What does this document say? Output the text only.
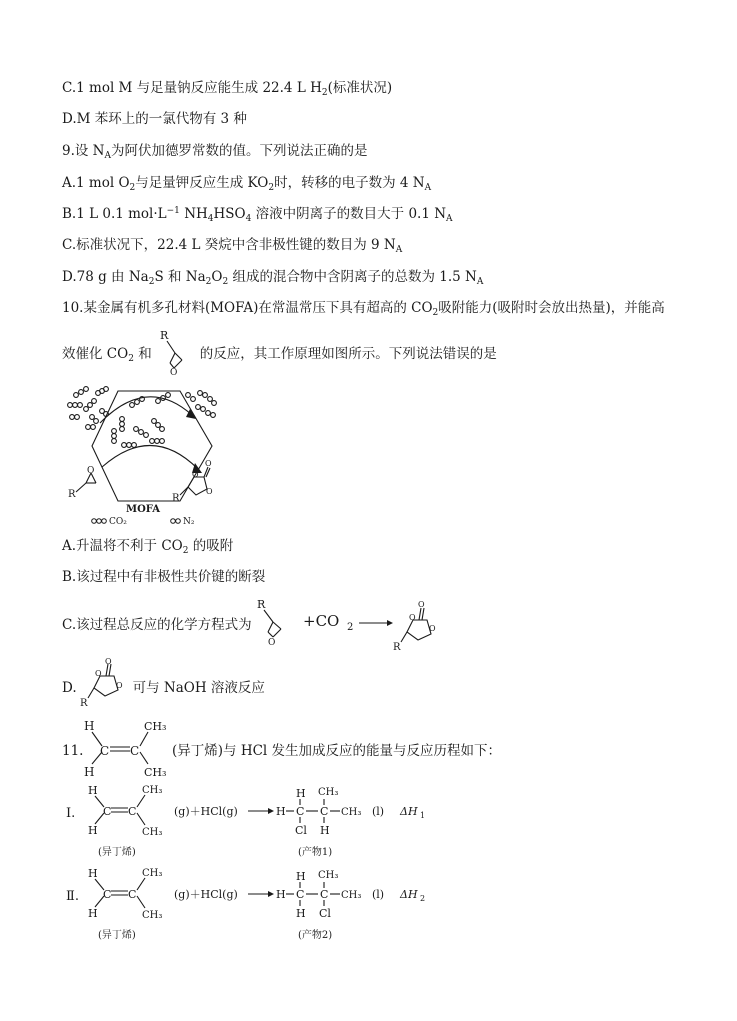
C.1 mol M 与足量钠反应能生成 22.4 L $H_2$(标准状况)
D.M 苯环上的一氯代物有 3 种
9.设 $N_A$为阿伏加德罗常数的值。下列说法正确的是
A.1 mol $O_2$与足量钾反应生成 $KO_2$时，转移的电子数为 4 $N_A$
B.1 L 0.1 $mol\cdot L^{-1}$ $NH_4HSO_4$ 溶液中阴离子的数目大于 0.1 $N_A$
C.标准状况下，22.4 L 癸烷中含非极性键的数目为 9 $N_A$
D.78 g 由 $Na_2S$ 和 $Na_2O_2$ 组成的混合物中含阴离子的总数为 1.5 $N_A$
10.某金属有机多孔材料(MOFA)在常温常压下具有超高的 $CO_2$吸附能力(吸附时会放出热量)，并能高
效催化 $CO_2$ 和	的反应，其工作原理如图所示。下列说法错误的是
R
O
R
O
R
O
O
O
MOFA
CO₂	N₂
A.升温将不利于 $CO_2$ 的吸附
B.该过程中有非极性共价键的断裂
C.该过程总反应的化学方程式为
R
O
+CO 2
O
O
O
R
D.	可与 NaOH 溶液反应
O
O
O
R
11.	(异丁烯)与 HCl 发生加成反应的能量与反应历程如下：
H
H
C C
CH₃
CH₃
Ⅰ.
H
H
C C
CH₃
CH₃
(异丁烯)
(g)＋HCl(g)	H C
H
Cl
C
CH₃
H
CH₃ (l) ΔH 1
(产物1)
Ⅱ.
H
H
C C
CH₃
CH₃
(异丁烯)
(g)＋HCl(g)	H C
H
H
C
CH₃
Cl
CH₃ (l) ΔH 2
(产物2)
